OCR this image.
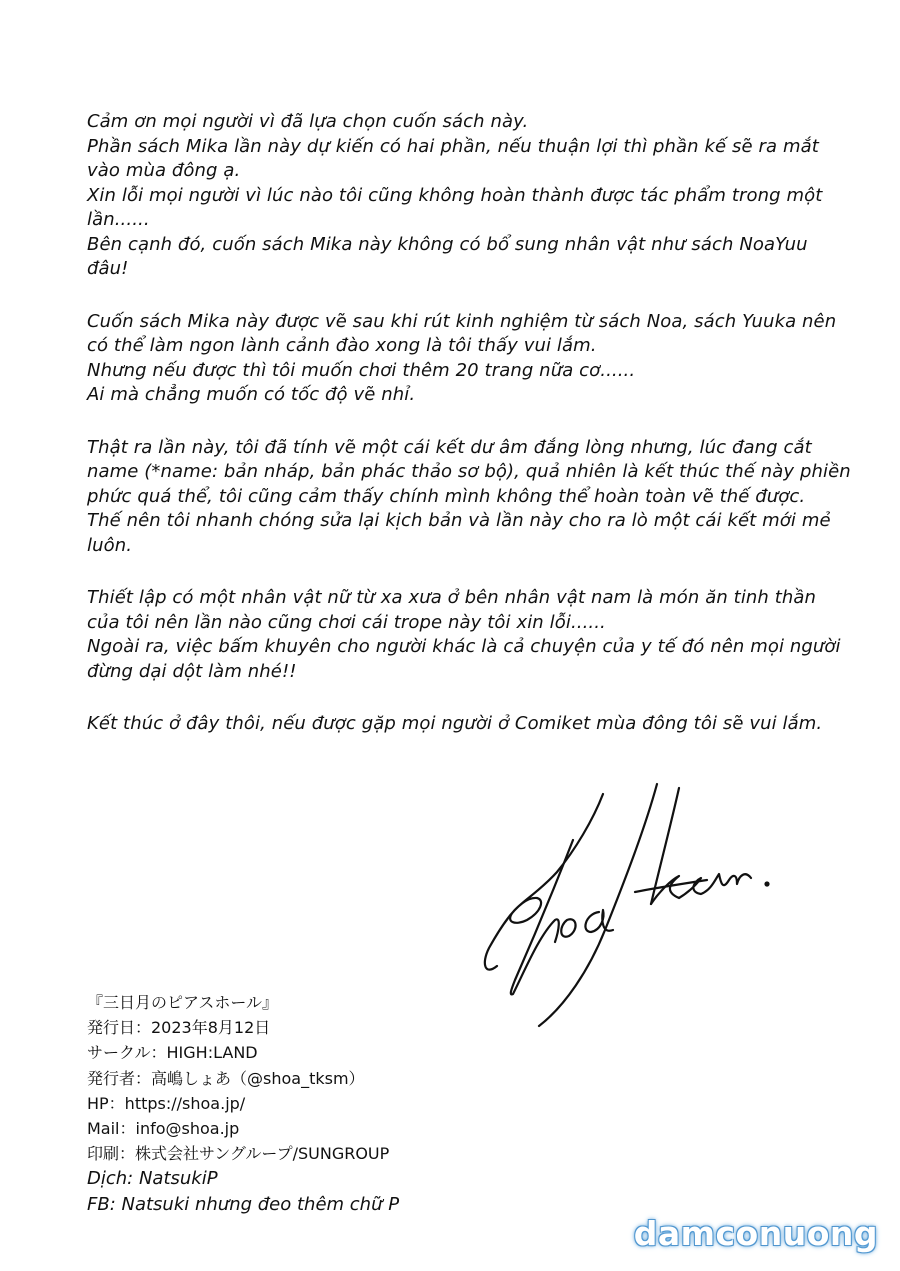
Cảm ơn mọi người vì đã lựa chọn cuốn sách này.
Phần sách Mika lần này dự kiến có hai phần, nếu thuận lợi thì phần kế sẽ ra mắt
vào mùa đông ạ.
Xin lỗi mọi người vì lúc nào tôi cũng không hoàn thành được tác phẩm trong một
lần......
Bên cạnh đó, cuốn sách Mika này không có bổ sung nhân vật như sách NoaYuu
đâu!
Cuốn sách Mika này được vẽ sau khi rút kinh nghiệm từ sách Noa, sách Yuuka nên
có thể làm ngon lành cảnh đào xong là tôi thấy vui lắm.
Nhưng nếu được thì tôi muốn chơi thêm 20 trang nữa cơ......
Ai mà chẳng muốn có tốc độ vẽ nhỉ.
Thật ra lần này, tôi đã tính vẽ một cái kết dư âm đắng lòng nhưng, lúc đang cắt
name (*name: bản nháp, bản phác thảo sơ bộ), quả nhiên là kết thúc thế này phiền
phức quá thể, tôi cũng cảm thấy chính mình không thể hoàn toàn vẽ thế được.
Thế nên tôi nhanh chóng sửa lại kịch bản và lần này cho ra lò một cái kết mới mẻ
luôn.
Thiết lập có một nhân vật nữ từ xa xưa ở bên nhân vật nam là món ăn tinh thần
của tôi nên lần nào cũng chơi cái trope này tôi xin lỗi......
Ngoài ra, việc bấm khuyên cho người khác là cả chuyện của y tế đó nên mọi người
đừng dại dột làm nhé!!
Kết thúc ở đây thôi, nếu được gặp mọi người ở Comiket mùa đông tôi sẽ vui lắm.
『三日月のピアスホール』
発行日：2023年8月12日
サークル：HIGH:LAND
発行者：高嶋しょあ（@shoa_tksm）
HP：https://shoa.jp/
Mail：info@shoa.jp
印刷：株式会社サングループ/SUNGROUP
Dịch: NatsukiP
FB: Natsuki nhưng đeo thêm chữ P
damconuong
